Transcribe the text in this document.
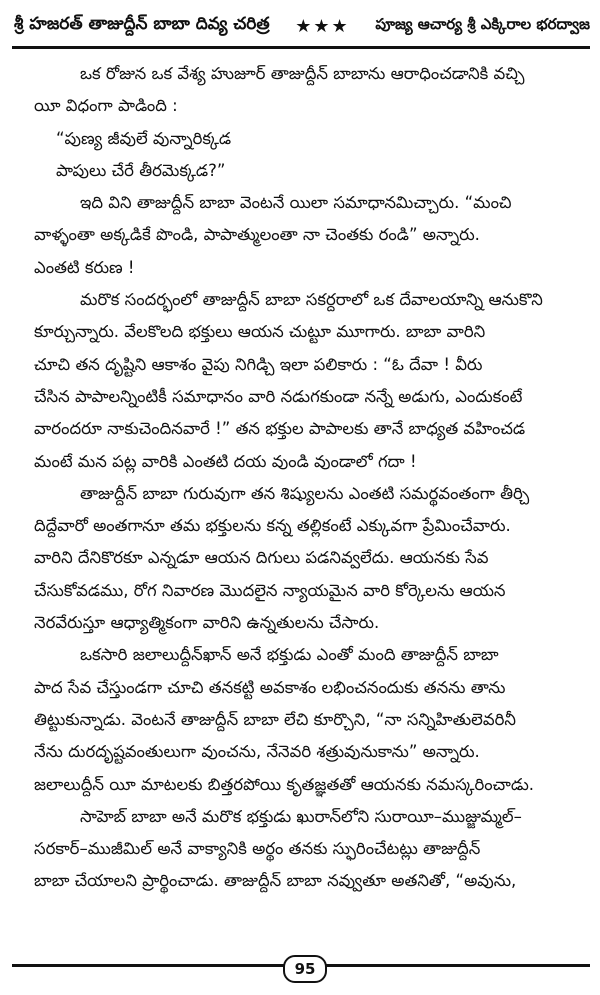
శ్రీ హజరత్ తాజుద్దీన్ బాబా దివ్య చరిత్ర ★★★ పూజ్య ఆచార్య శ్రీ ఎక్కిరాల భరద్వాజ
ఒక రోజున ఒక వేశ్య హుజూర్ తాజుద్దీన్ బాబాను ఆరాధించడానికి వచ్చి
యీ విధంగా పాడింది :
“పుణ్య జీవులే వున్నారిక్కడ
పాపులు చేరే తీరమెక్కడ?”
ఇది విని తాజుద్దీన్ బాబా వెంటనే యిలా సమాధానమిచ్చారు. “మంచి
వాళ్ళంతా అక్కడికే పొండి, పాపాత్ములంతా నా చెంతకు రండి” అన్నారు.
ఎంతటి కరుణ !
మరొక సందర్భంలో తాజుద్దీన్ బాబా సకర్దరాలో ఒక దేవాలయాన్ని ఆనుకొని
కూర్చున్నారు. వేలకొలది భక్తులు ఆయన చుట్టూ మూగారు. బాబా వారిని
చూచి తన దృష్టిని ఆకాశం వైపు నిగిడ్చి ఇలా పలికారు : “ఓ దేవా ! వీరు
చేసిన పాపాలన్నింటికీ సమాధానం వారి నడుగకుండా నన్నే అడుగు, ఎందుకంటే
వారందరూ నాకుచెందినవారే !” తన భక్తుల పాపాలకు తానే బాధ్యత వహించడ
మంటే మన పట్ల వారికి ఎంతటి దయ వుండి వుండాలో గదా !
తాజుద్దీన్ బాబా గురువుగా తన శిష్యులను ఎంతటి సమర్థవంతంగా తీర్చి
దిద్దేవారో అంతగానూ తమ భక్తులను కన్న తల్లికంటే ఎక్కువగా ప్రేమించేవారు.
వారిని దేనికొరకూ ఎన్నడూ ఆయన దిగులు పడనివ్వలేదు. ఆయనకు సేవ
చేసుకోవడము, రోగ నివారణ మొదలైన న్యాయమైన వారి కోర్కెలను ఆయన
నెరవేరుస్తూ ఆధ్యాత్మికంగా వారిని ఉన్నతులను చేసారు.
ఒకసారి జలాలుద్దీన్‌ఖాన్ అనే భక్తుడు ఎంతో మంది తాజుద్దీన్ బాబా
పాద సేవ చేస్తుండగా చూచి తనకట్టి అవకాశం లభించనందుకు తనను తాను
తిట్టుకున్నాడు. వెంటనే తాజుద్దీన్ బాబా లేచి కూర్చొని, “నా సన్నిహితులెవరినీ
నేను దురదృష్టవంతులుగా వుంచను, నేనెవరి శత్రువునుకాను” అన్నారు.
జలాలుద్దీన్ యీ మాటలకు బిత్తరపోయి కృతజ్ఞతతో ఆయనకు నమస్కరించాడు.
సాహెబ్ బాబా అనే మరొక భక్తుడు ఖురాన్‌లోని సురాయీ–ముజ్జుమ్మల్–
సరకార్–ముజీమిల్ అనే వాక్యానికి అర్థం తనకు స్ఫురించేటట్లు తాజుద్దీన్
బాబా చేయాలని ప్రార్థించాడు. తాజుద్దీన్ బాబా నవ్వుతూ అతనితో, “అవును,
95
